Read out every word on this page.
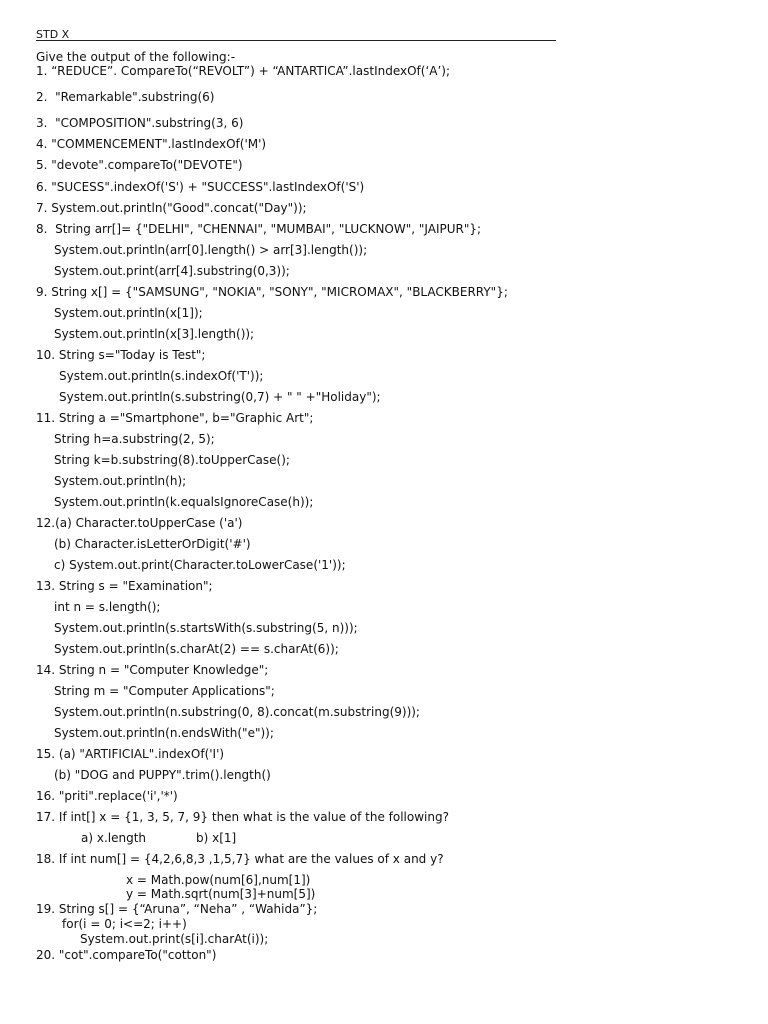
STD X
Give the output of the following:-
1. “REDUCE”. CompareTo(“REVOLT”) + “ANTARTICA”.lastIndexOf(‘A’);
2.  "Remarkable".substring(6)
3.  "COMPOSITION".substring(3, 6)
4. "COMMENCEMENT".lastIndexOf('M')
5. "devote".compareTo("DEVOTE")
6. "SUCESS".indexOf('S') + "SUCCESS".lastIndexOf('S')
7. System.out.println("Good".concat("Day"));
8.  String arr[]= {"DELHI", "CHENNAI", "MUMBAI", "LUCKNOW", "JAIPUR"};
System.out.println(arr[0].length() > arr[3].length());
System.out.print(arr[4].substring(0,3));
9. String x[] = {"SAMSUNG", "NOKIA", "SONY", "MICROMAX", "BLACKBERRY"};
System.out.println(x[1]);
System.out.println(x[3].length());
10. String s="Today is Test";
System.out.println(s.indexOf('T'));
System.out.println(s.substring(0,7) + " " +"Holiday");
11. String a ="Smartphone", b="Graphic Art";
String h=a.substring(2, 5);
String k=b.substring(8).toUpperCase();
System.out.println(h);
System.out.println(k.equalsIgnoreCase(h));
12.(a) Character.toUpperCase ('a')
(b) Character.isLetterOrDigit('#')
c) System.out.print(Character.toLowerCase('1'));
13. String s = "Examination";
int n = s.length();
System.out.println(s.startsWith(s.substring(5, n)));
System.out.println(s.charAt(2) == s.charAt(6));
14. String n = "Computer Knowledge";
String m = "Computer Applications";
System.out.println(n.substring(0, 8).concat(m.substring(9)));
System.out.println(n.endsWith("e"));
15. (a) "ARTIFICIAL".indexOf('I')
(b) "DOG and PUPPY".trim().length()
16. "priti".replace('i','*')
17. If int[] x = {1, 3, 5, 7, 9} then what is the value of the following?
a) x.length	b) x[1]
18. If int num[] = {4,2,6,8,3 ,1,5,7} what are the values of x and y?
x = Math.pow(num[6],num[1])
y = Math.sqrt(num[3]+num[5])
19. String s[] = {“Aruna”, “Neha” , “Wahida”};
for(i = 0; i<=2; i++)
System.out.print(s[i].charAt(i));
20. "cot".compareTo("cotton")
